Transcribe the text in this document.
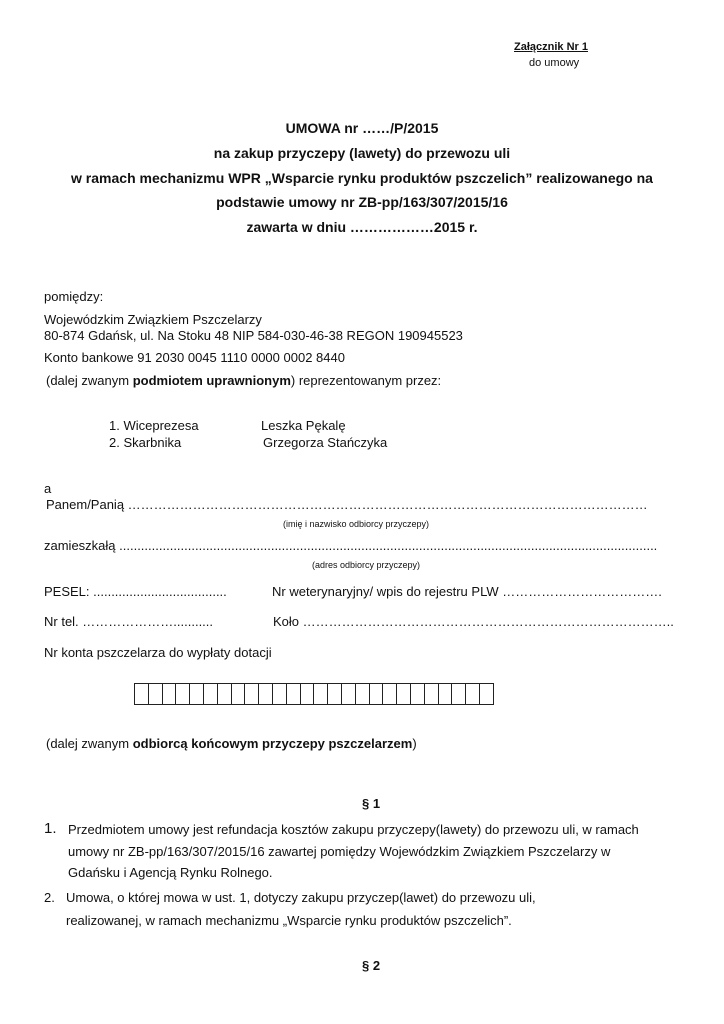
Załącznik Nr 1
do umowy
UMOWA nr ……/P/2015
na zakup przyczepy (lawety) do przewozu uli
w ramach mechanizmu WPR „Wsparcie rynku produktów pszczelich” realizowanego na
podstawie umowy nr ZB-pp/163/307/2015/16
zawarta w dniu ………………2015 r.
pomiędzy:
Wojewódzkim Związkiem Pszczelarzy
80-874 Gdańsk, ul. Na Stoku 48 NIP 584-030-46-38 REGON 190945523
Konto bankowe 91 2030 0045 1110 0000 0002 8440
(dalej zwanym podmiotem uprawnionym) reprezentowanym przez:
1. Wiceprezesa	Leszka Pękalę
2. Skarbnika	Grzegorza Stańczyka
a
Panem/Panią …………………………………………………………………………………………………………
(imię i nazwisko odbiorcy przyczepy)
zamieszkałą .....................................................................................................................................................
(adres odbiorcy przyczepy)
PESEL: .....................................	Nr weterynaryjny/ wpis do rejestru PLW ……………………………….
Nr tel. …………………...........	Koło …………………………………………………………………………..
Nr konta pszczelarza do wypłaty dotacji
(dalej zwanym odbiorcą końcowym przyczepy pszczelarzem)
§ 1
1. Przedmiotem umowy jest refundacja kosztów zakupu przyczepy(lawety) do przewozu uli, w ramach
umowy nr ZB-pp/163/307/2015/16 zawartej pomiędzy Wojewódzkim Związkiem Pszczelarzy w
Gdańsku i Agencją Rynku Rolnego.
2. Umowa, o której mowa w ust. 1, dotyczy zakupu przyczep(lawet) do przewozu uli,
realizowanej, w ramach mechanizmu „Wsparcie rynku produktów pszczelich”.
§ 2
